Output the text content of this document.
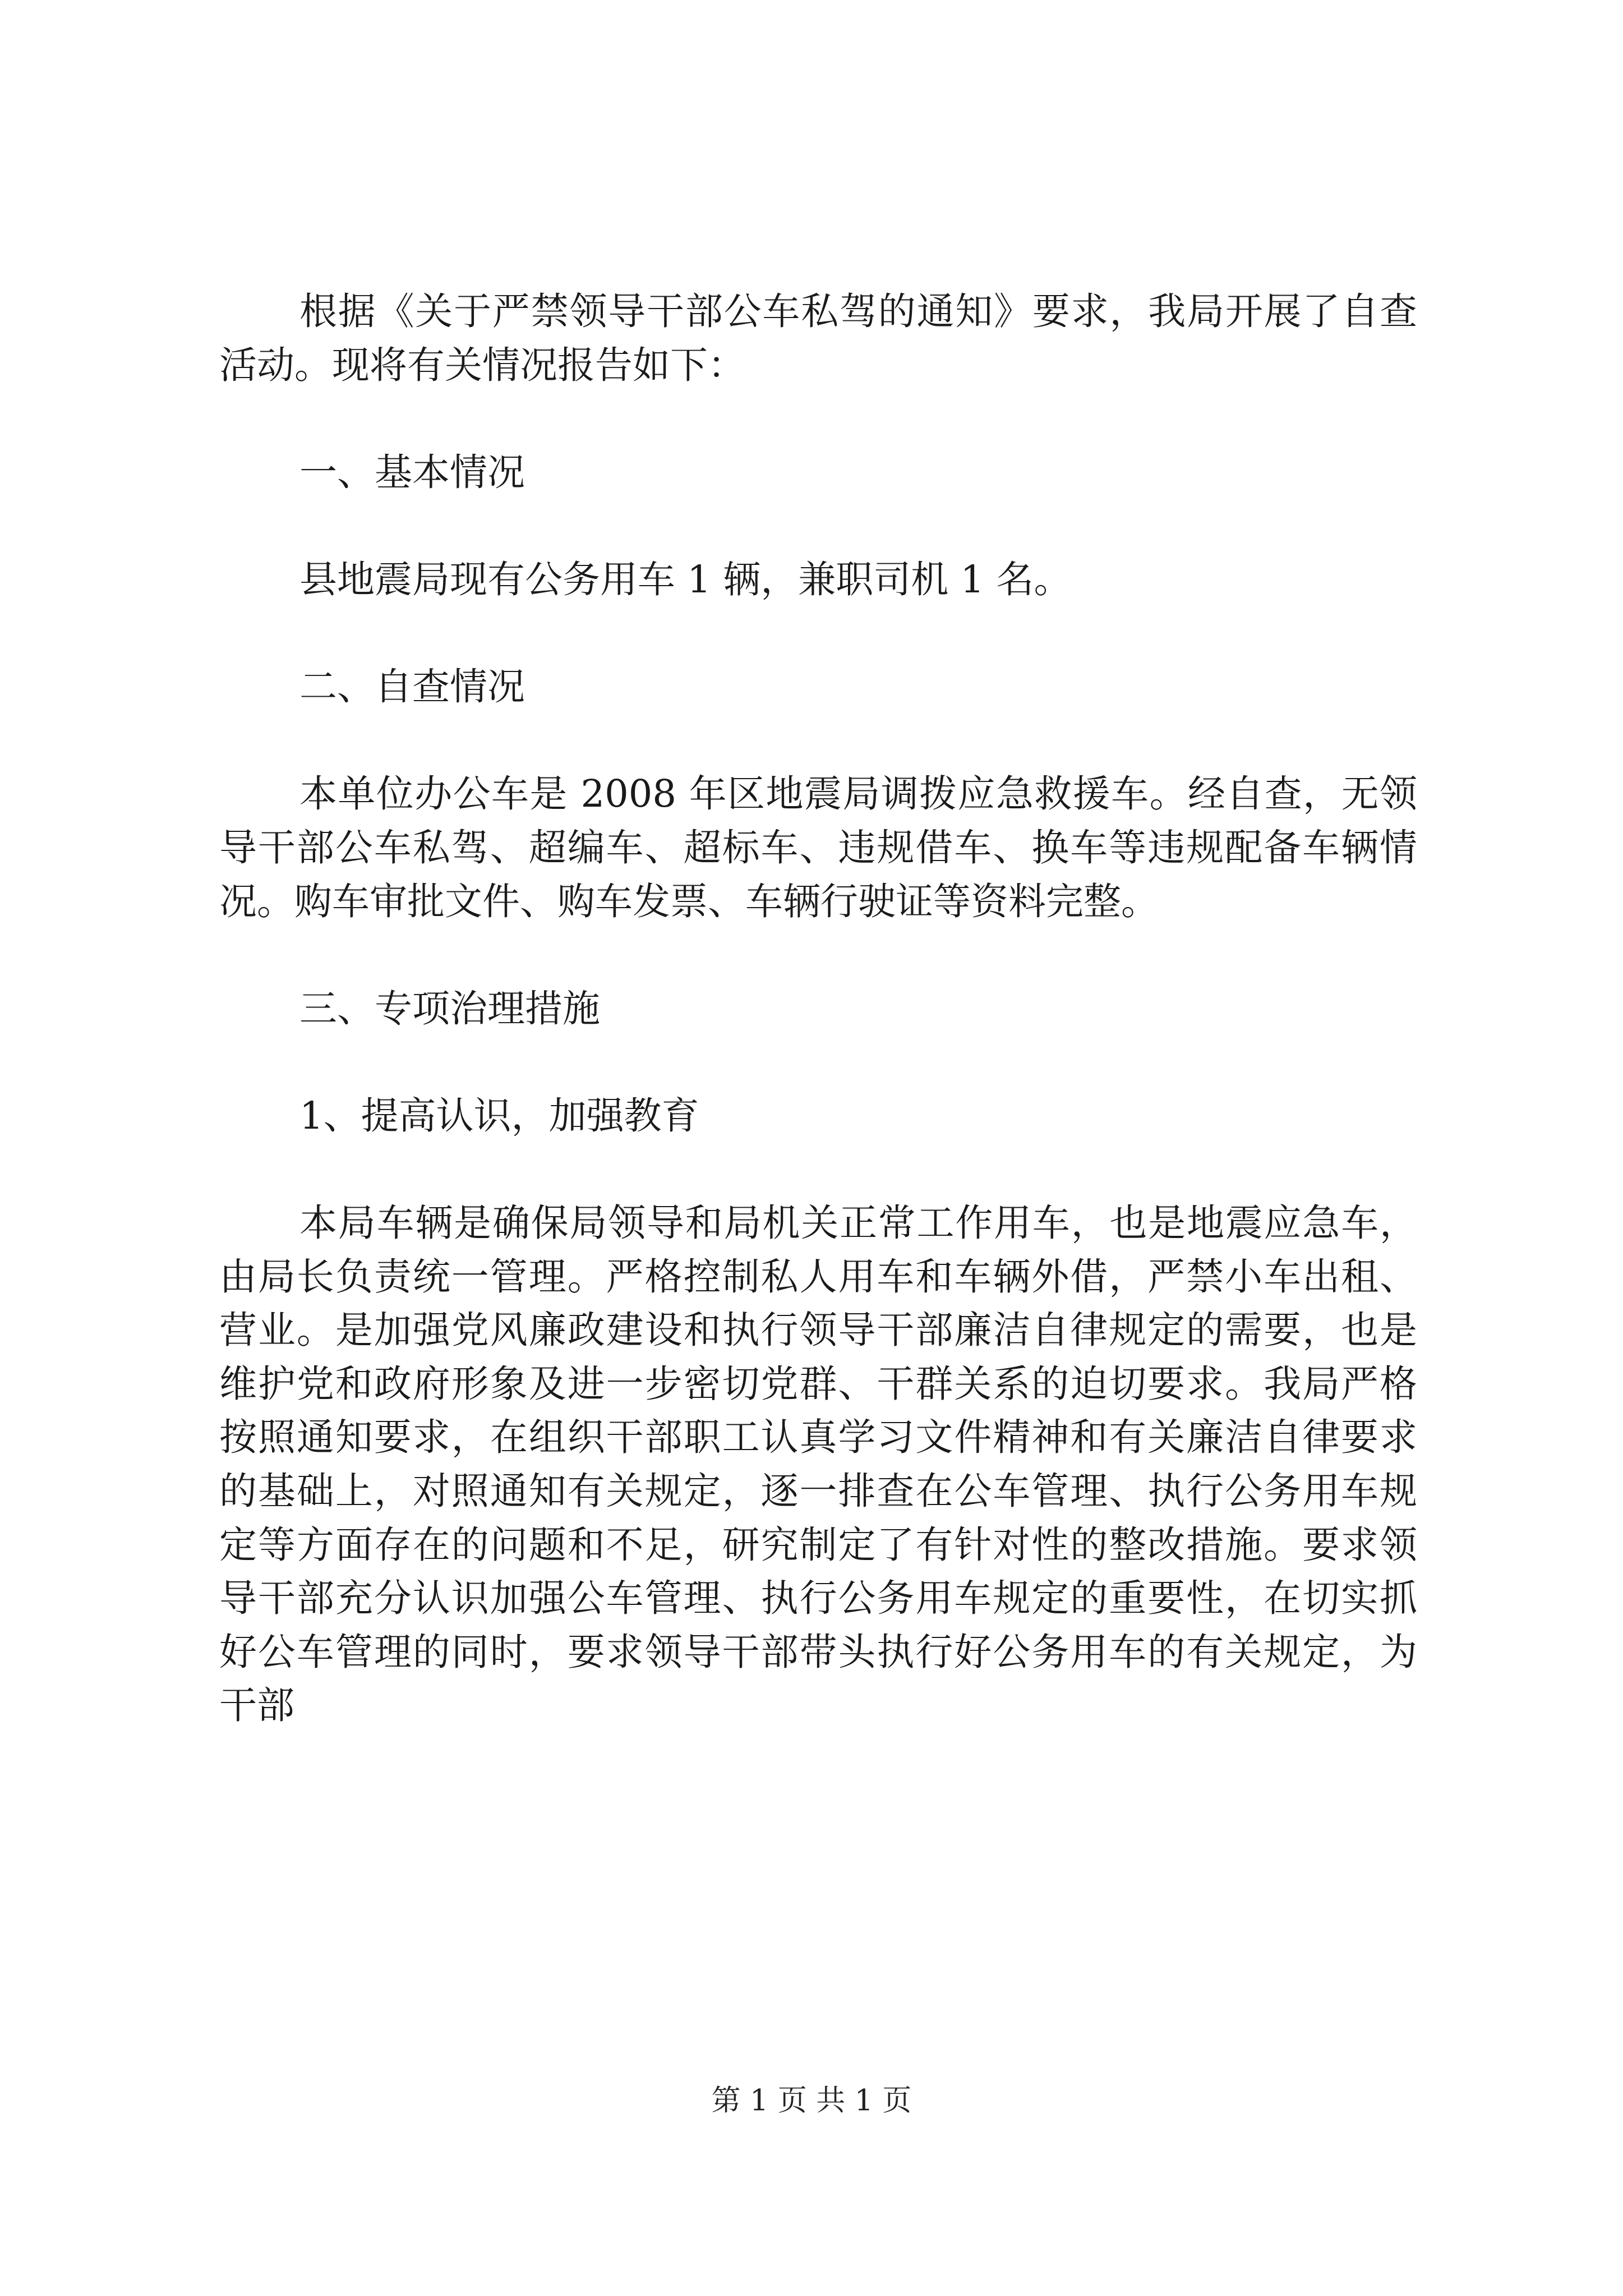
根据《关于严禁领导干部公车私驾的通知》要求，我局开展了自查活动。现将有关情况报告如下：

一、基本情况

县地震局现有公务用车 1 辆，兼职司机 1 名。

二、自查情况

本单位办公车是 2008 年区地震局调拨应急救援车。经自查，无领导干部公车私驾、超编车、超标车、违规借车、换车等违规配备车辆情况。购车审批文件、购车发票、车辆行驶证等资料完整。

三、专项治理措施

1、提高认识，加强教育

本局车辆是确保局领导和局机关正常工作用车，也是地震应急车，由局长负责统一管理。严格控制私人用车和车辆外借，严禁小车出租、营业。是加强党风廉政建设和执行领导干部廉洁自律规定的需要，也是维护党和政府形象及进一步密切党群、干群关系的迫切要求。我局严格按照通知要求，在组织干部职工认真学习文件精神和有关廉洁自律要求的基础上，对照通知有关规定，逐一排查在公车管理、执行公务用车规定等方面存在的问题和不足，研究制定了有针对性的整改措施。要求领导干部充分认识加强公车管理、执行公务用车规定的重要性，在切实抓好公车管理的同时，要求领导干部带头执行好公务用车的有关规定，为干部

第 1 页 共 1 页
